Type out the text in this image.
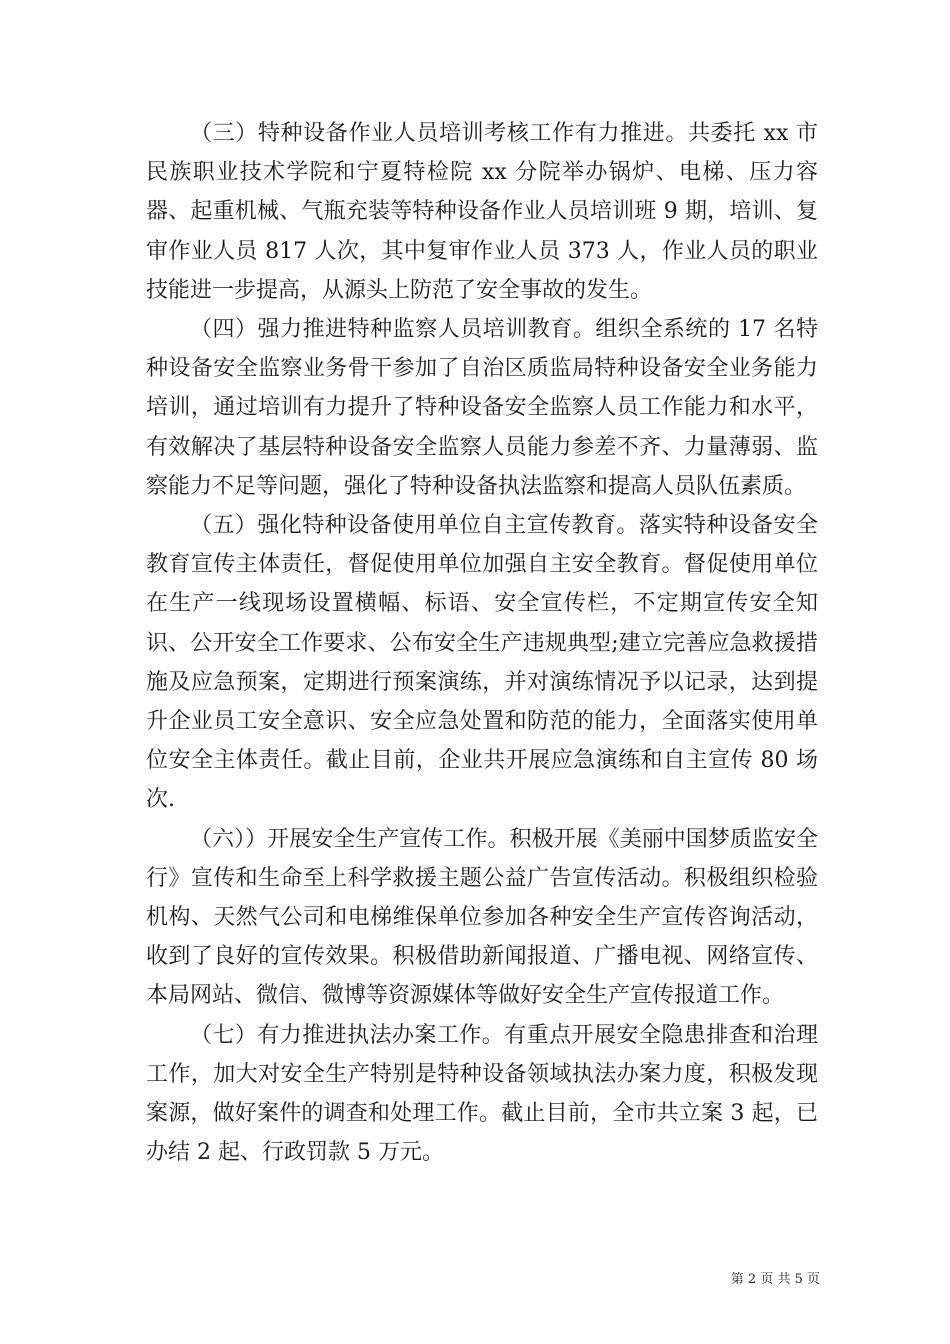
（三）特种设备作业人员培训考核工作有力推进。共委托 xx 市民族职业技术学院和宁夏特检院 xx 分院举办锅炉、电梯、压力容器、起重机械、气瓶充装等特种设备作业人员培训班 9 期，培训、复审作业人员 817 人次，其中复审作业人员 373 人，作业人员的职业技能进一步提高，从源头上防范了安全事故的发生。

（四）强力推进特种监察人员培训教育。组织全系统的 17 名特种设备安全监察业务骨干参加了自治区质监局特种设备安全业务能力培训，通过培训有力提升了特种设备安全监察人员工作能力和水平，有效解决了基层特种设备安全监察人员能力参差不齐、力量薄弱、监察能力不足等问题，强化了特种设备执法监察和提高人员队伍素质。

（五）强化特种设备使用单位自主宣传教育。落实特种设备安全教育宣传主体责任，督促使用单位加强自主安全教育。督促使用单位在生产一线现场设置横幅、标语、安全宣传栏，不定期宣传安全知识、公开安全工作要求、公布安全生产违规典型;建立完善应急救援措施及应急预案，定期进行预案演练，并对演练情况予以记录，达到提升企业员工安全意识、安全应急处置和防范的能力，全面落实使用单位安全主体责任。截止目前，企业共开展应急演练和自主宣传 80 场次.

（六））开展安全生产宣传工作。积极开展《美丽中国梦质监安全行》宣传和生命至上科学救援主题公益广告宣传活动。积极组织检验机构、天然气公司和电梯维保单位参加各种安全生产宣传咨询活动，收到了良好的宣传效果。积极借助新闻报道、广播电视、网络宣传、本局网站、微信、微博等资源媒体等做好安全生产宣传报道工作。

（七）有力推进执法办案工作。有重点开展安全隐患排查和治理工作，加大对安全生产特别是特种设备领域执法办案力度，积极发现案源，做好案件的调查和处理工作。截止目前，全市共立案 3 起，已办结 2 起、行政罚款 5 万元。

第 2 页 共 5 页
